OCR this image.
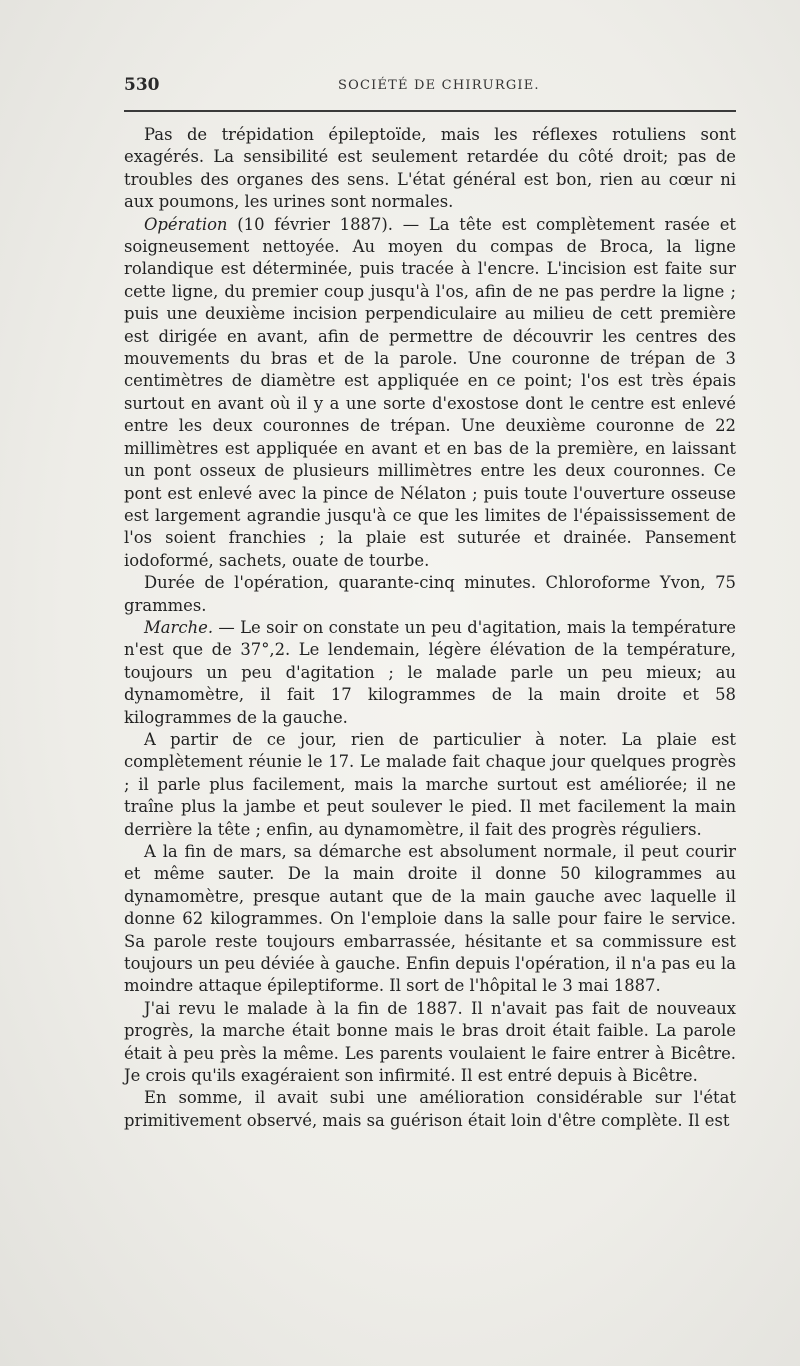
530	SOCIÉTÉ DE CHIRURGIE.

Pas de trépidation épileptoïde, mais les réflexes rotuliens sont exagérés. La sensibilité est seulement retardée du côté droit; pas de troubles des organes des sens. L'état général est bon, rien au cœur ni aux poumons, les urines sont normales.

Opération (10 février 1887). — La tête est complètement rasée et soigneusement nettoyée. Au moyen du compas de Broca, la ligne rolandique est déterminée, puis tracée à l'encre. L'incision est faite sur cette ligne, du premier coup jusqu'à l'os, afin de ne pas perdre la ligne ; puis une deuxième incision perpendiculaire au milieu de cett première est dirigée en avant, afin de permettre de découvrir les centres des mouvements du bras et de la parole. Une couronne de trépan de 3 centimètres de diamètre est appliquée en ce point; l'os est très épais surtout en avant où il y a une sorte d'exostose dont le centre est enlevé entre les deux couronnes de trépan. Une deuxième couronne de 22 millimètres est appliquée en avant et en bas de la première, en laissant un pont osseux de plusieurs millimètres entre les deux couronnes. Ce pont est enlevé avec la pince de Nélaton ; puis toute l'ouverture osseuse est largement agrandie jusqu'à ce que les limites de l'épaississement de l'os soient franchies ; la plaie est suturée et drainée. Pansement iodoformé, sachets, ouate de tourbe.

Durée de l'opération, quarante-cinq minutes. Chloroforme Yvon, 75 grammes.

Marche. — Le soir on constate un peu d'agitation, mais la température n'est que de 37°,2. Le lendemain, légère élévation de la température, toujours un peu d'agitation ; le malade parle un peu mieux; au dynamomètre, il fait 17 kilogrammes de la main droite et 58 kilogrammes de la gauche.

A partir de ce jour, rien de particulier à noter. La plaie est complètement réunie le 17. Le malade fait chaque jour quelques progrès ; il parle plus facilement, mais la marche surtout est améliorée; il ne traîne plus la jambe et peut soulever le pied. Il met facilement la main derrière la tête ; enfin, au dynamomètre, il fait des progrès réguliers.

A la fin de mars, sa démarche est absolument normale, il peut courir et même sauter. De la main droite il donne 50 kilogrammes au dynamomètre, presque autant que de la main gauche avec laquelle il donne 62 kilogrammes. On l'emploie dans la salle pour faire le service. Sa parole reste toujours embarrassée, hésitante et sa commissure est toujours un peu déviée à gauche. Enfin depuis l'opération, il n'a pas eu la moindre attaque épileptiforme. Il sort de l'hôpital le 3 mai 1887.

J'ai revu le malade à la fin de 1887. Il n'avait pas fait de nouveaux progrès, la marche était bonne mais le bras droit était faible. La parole était à peu près la même. Les parents voulaient le faire entrer à Bicêtre. Je crois qu'ils exagéraient son infirmité. Il est entré depuis à Bicêtre.

En somme, il avait subi une amélioration considérable sur l'état primitivement observé, mais sa guérison était loin d'être complète. Il est
